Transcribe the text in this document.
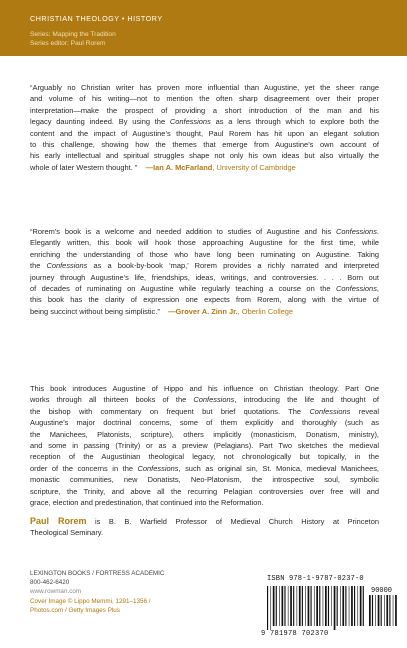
CHRISTIAN THEOLOGY • HISTORY
Series: Mapping the Tradition
Series editor: Paul Rorem
“Arguably no Christian writer has proven more influential than Augustine, yet the sheer range
and volume of his writing—not to mention the often sharp disagreement over their proper
interpretation—make the prospect of providing a short introduction of the man and his
legacy daunting indeed. By using the Confessions as a lens through which to explore both the
content and the impact of Augustine’s thought, Paul Rorem has hit upon an elegant solution
to this challenge, showing how the themes that emerge from Augustine’s own account of
his early intellectual and spiritual struggles shape not only his own ideas but also virtually the
whole of later Western thought. ” —Ian A. McFarland, University of Cambridge
“Rorem’s book is a welcome and needed addition to studies of Augustine and his Confessions.
Elegantly written, this book will hook those approaching Augustine for the first time, while
enriching the understanding of those who have long been ruminating on Augustine. Taking
the Confessions as a book-by-book ‘map,’ Rorem provides a richly narrated and interpreted
journey through Augustine’s life, friendships, ideas, writings, and controversies. . . . Born out
of decades of ruminating on Augustine while regularly teaching a course on the Confessions,
this book has the clarity of expression one expects from Rorem, along with the virtue of
being succinct without being simplistic.” —Grover A. Zinn Jr., Oberlin College
This book introduces Augustine of Hippo and his influence on Christian theology. Part One
works through all thirteen books of the Confessions, introducing the life and thought of
the bishop with commentary on frequent but brief quotations. The Confessions reveal
Augustine’s major doctrinal concerns, some of them explicitly and thoroughly (such as
the Manichees, Platonists, scripture), others implicitly (monasticism, Donatism, ministry),
and some in passing (Trinity) or as a preview (Pelagians). Part Two sketches the medieval
reception of the Augustinian theological legacy, not chronologically but topically, in the
order of the concerns in the Confessions, such as original sin, St. Monica, medieval Manichees,
monastic communities, new Donatists, Neo-Platonism, the introspective soul, symbolic
scripture, the Trinity, and above all the recurring Pelagian controversies over free will and
grace, election and predestination, that continued into the Reformation.
Paul Rorem is B. B. Warfield Professor of Medieval Church History at Princeton
Theological Seminary.
LEXINGTON BOOKS / FORTRESS ACADEMIC
800-462-6420
www.rowman.com
Cover Image © Lippo Memmi, 1291–1356 /
Photos.com / Getty Images Plus
ISBN 978-1-9787-0237-0
90000
9 781978 702370
